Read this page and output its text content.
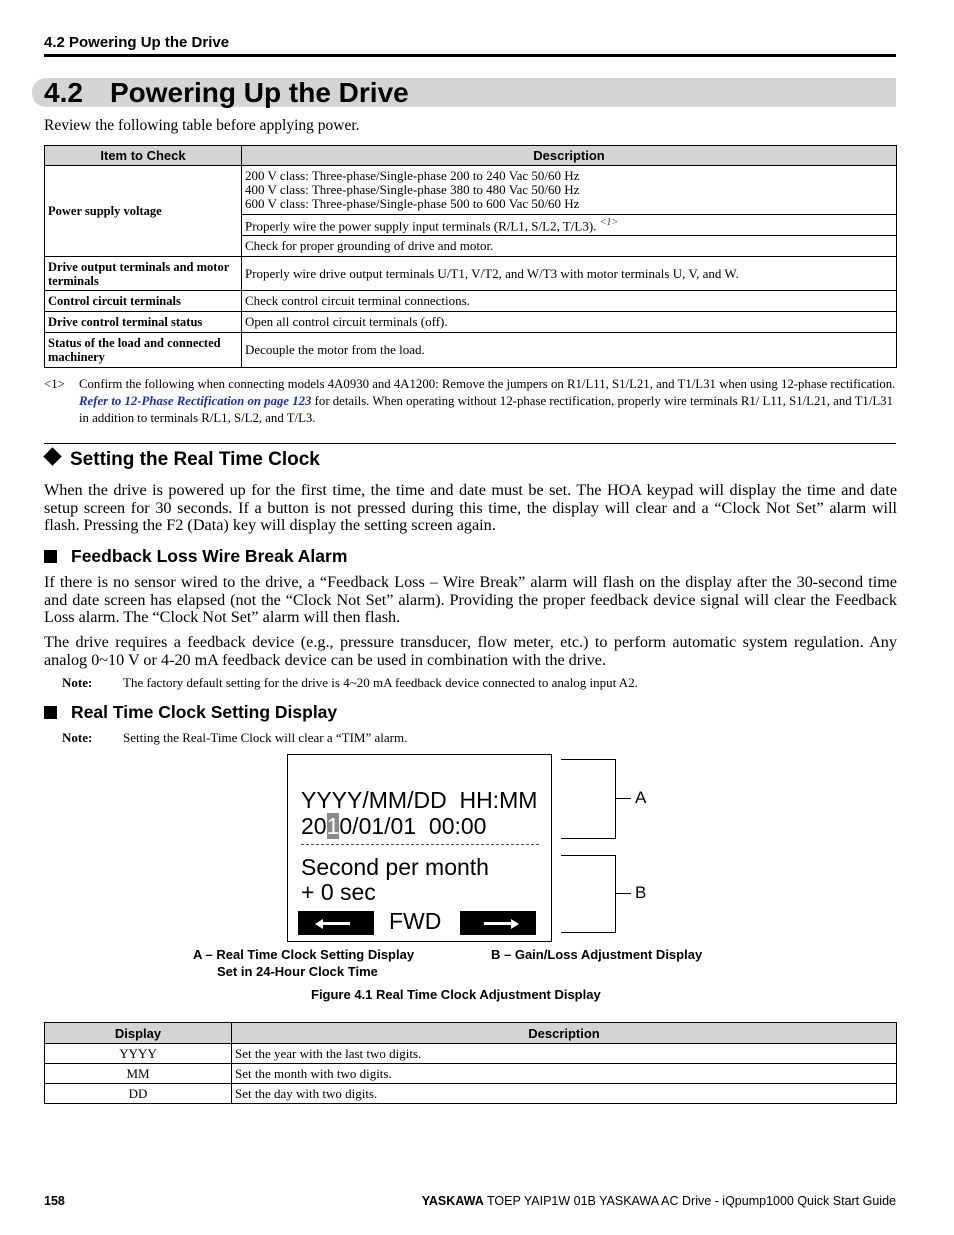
4.2 Powering Up the Drive
4.2 Powering Up the Drive
Review the following table before applying power.
Item to Check	Description
Power supply voltage	200 V class: Three-phase/Single-phase 200 to 240 Vac 50/60 Hz
400 V class: Three-phase/Single-phase 380 to 480 Vac 50/60 Hz
600 V class: Three-phase/Single-phase 500 to 600 Vac 50/60 Hz

	Properly wire the power supply input terminals (R/L1, S/L2, T/L3). $^{<1>}$
	Check for proper grounding of drive and motor.
Drive output terminals and motor terminals	Properly wire drive output terminals U/T1, V/T2, and W/T3 with motor terminals U, V, and W.
Control circuit terminals	Check control circuit terminal connections.
Drive control terminal status	Open all control circuit terminals (off).
Status of the load and connected machinery	Decouple the motor from the load.
<1> Confirm the following when connecting models 4A0930 and 4A1200: Remove the jumpers on R1/L11, S1/L21, and T1/L31 when using 12-phase rectification. Refer to 12-Phase Rectification on page 123 for details. When operating without 12-phase rectification, properly wire terminals R1/ L11, S1/L21, and T1/L31 in addition to terminals R/L1, S/L2, and T/L3.
Setting the Real Time Clock

When the drive is powered up for the first time, the time and date must be set. The HOA keypad will display the time and date setup screen for 30 seconds. If a button is not pressed during this time, the display will clear and a “Clock Not Set” alarm will flash. Pressing the F2 (Data) key will display the setting screen again.

Feedback Loss Wire Break Alarm

If there is no sensor wired to the drive, a “Feedback Loss – Wire Break” alarm will flash on the display after the 30-second time and date screen has elapsed (not the “Clock Not Set” alarm). Providing the proper feedback device signal will clear the Feedback Loss alarm. The “Clock Not Set” alarm will then flash.

The drive requires a feedback device (e.g., pressure transducer, flow meter, etc.) to perform automatic system regulation. Any analog 0~10 V or 4-20 mA feedback device can be used in combination with the drive.

Note: The factory default setting for the drive is 4~20 mA feedback device connected to analog input A2.
Real Time Clock Setting Display
Note: Setting the Real-Time Clock will clear a “TIM” alarm.
YYYY/MM/DD  HH:MM
2010/01/01  00:00
Second per month
+ 0 sec
FWD
A
B
A – Real Time Clock Setting Display
Set in 24-Hour Clock Time
B – Gain/Loss Adjustment Display
Figure 4.1 Real Time Clock Adjustment Display
Display	Description
YYYY	Set the year with the last two digits.
MM	Set the month with two digits.
DD	Set the day with two digits.
158	YASKAWA TOEP YAIP1W 01B YASKAWA AC Drive - iQpump1000 Quick Start Guide
